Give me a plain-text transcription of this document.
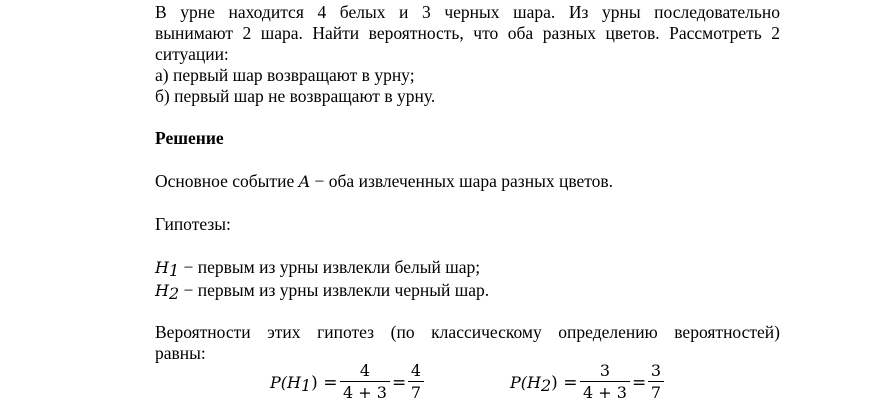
В урне находится 4 белых и 3 черных шара. Из урны последовательно
вынимают 2 шара. Найти вероятность, что оба разных цветов. Рассмотреть 2
ситуации:
а) первый шар возвращают в урну;
б) первый шар не возвращают в урну.
Решение
Основное событие A − оба извлеченных шара разных цветов.
Гипотезы:
$H_1$ − первым из урны извлекли белый шар;
$H_2$ − первым из урны извлекли черный шар.
Вероятности этих гипотез (по классическому определению вероятностей)
равны:
$P(H_1)$ =
4
4 + 3 =
4
7
$P(H_2)$ =
3
4 + 3 =
3
7
